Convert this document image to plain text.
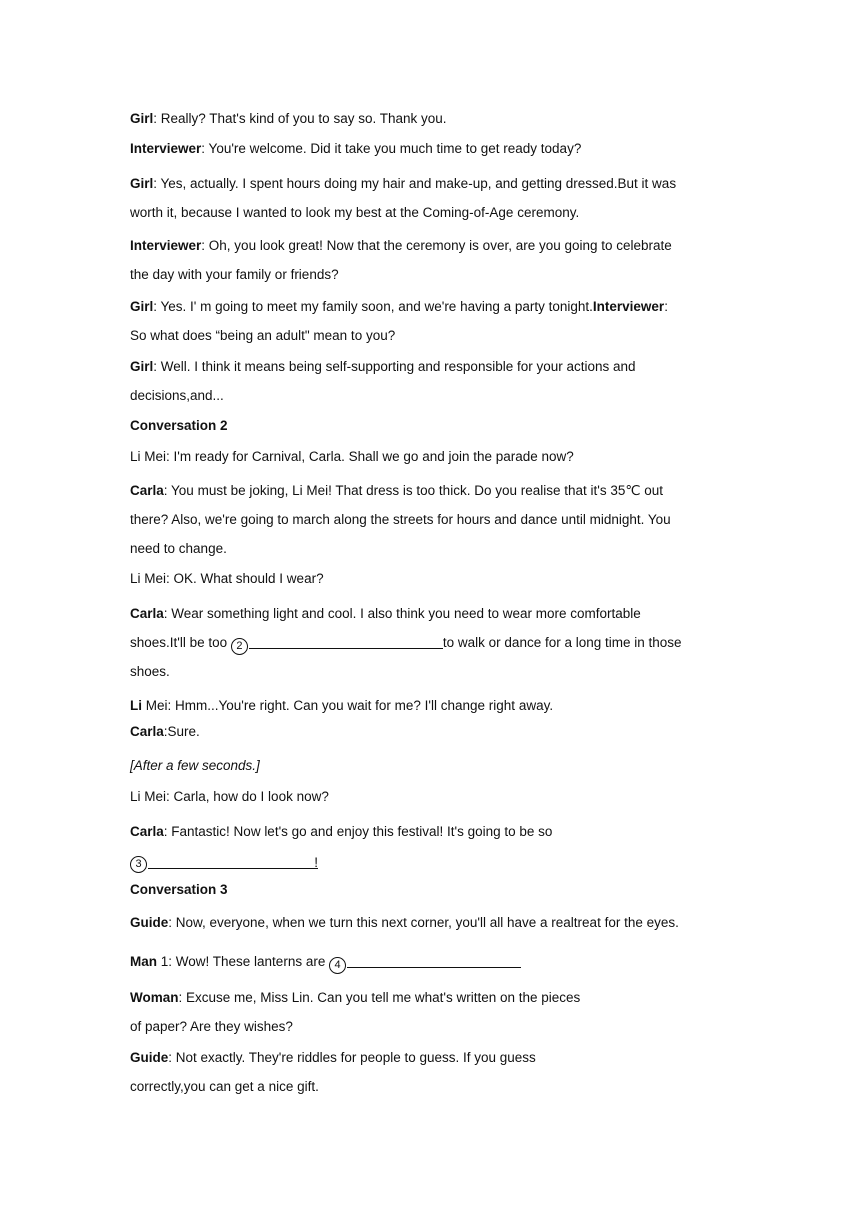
Girl: Really? That's kind of you to say so. Thank you.
Interviewer: You're welcome. Did it take you much time to get ready today?
Girl: Yes, actually. I spent hours doing my hair and make-up, and getting dressed.But it was
worth it, because I wanted to look my best at the Coming-of-Age ceremony.
Interviewer: Oh, you look great! Now that the ceremony is over, are you going to celebrate
the day with your family or friends?
Girl: Yes. I' m going to meet my family soon, and we're having a party tonight.Interviewer:
So what does “being an adult" mean to you?
Girl: Well. I think it means being self-supporting and responsible for your actions and
decisions,and...
Conversation 2
Li Mei: I'm ready for Carnival, Carla. Shall we go and join the parade now?
Carla: You must be joking, Li Mei! That dress is too thick. Do you realise that it's 35℃ out
there? Also, we're going to march along the streets for hours and dance until midnight. You
need to change.
Li Mei: OK. What should I wear?
Carla: Wear something light and cool. I also think you need to wear more comfortable
shoes.It'll be too 2	to walk or dance for a long time in those
shoes.
Li Mei: Hmm...You're right. Can you wait for me? I'll change right away.
Carla:Sure.
[After a few seconds.]
Li Mei: Carla, how do I look now?
Carla: Fantastic! Now let's go and enjoy this festival! It's going to be so
3	!
Conversation 3
Guide: Now, everyone, when we turn this next corner, you'll all have a realtreat for the eyes.
Man 1: Wow! These lanterns are 4
Woman: Excuse me, Miss Lin. Can you tell me what's written on the pieces
of paper? Are they wishes?
Guide: Not exactly. They're riddles for people to guess. If you guess
correctly,you can get a nice gift.
